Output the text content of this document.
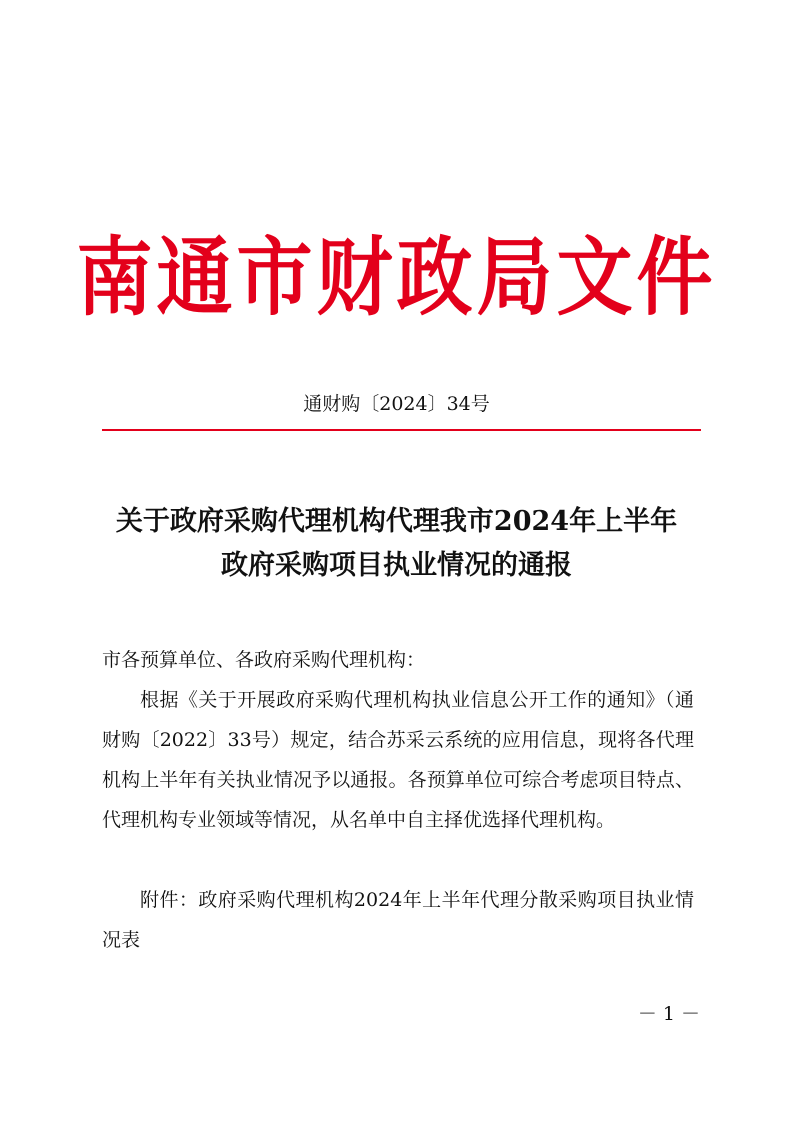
南通市财政局文件
通财购〔2024〕34号
关于政府采购代理机构代理我市2024年上半年
政府采购项目执业情况的通报

市各预算单位、各政府采购代理机构：

根据《关于开展政府采购代理机构执业信息公开工作的通知》（通财购〔2022〕33号）规定，结合苏采云系统的应用信息，现将各代理机构上半年有关执业情况予以通报。各预算单位可综合考虑项目特点、代理机构专业领域等情况，从名单中自主择优选择代理机构。

附件：政府采购代理机构2024年上半年代理分散采购项目执业情况表

－ 1 －
